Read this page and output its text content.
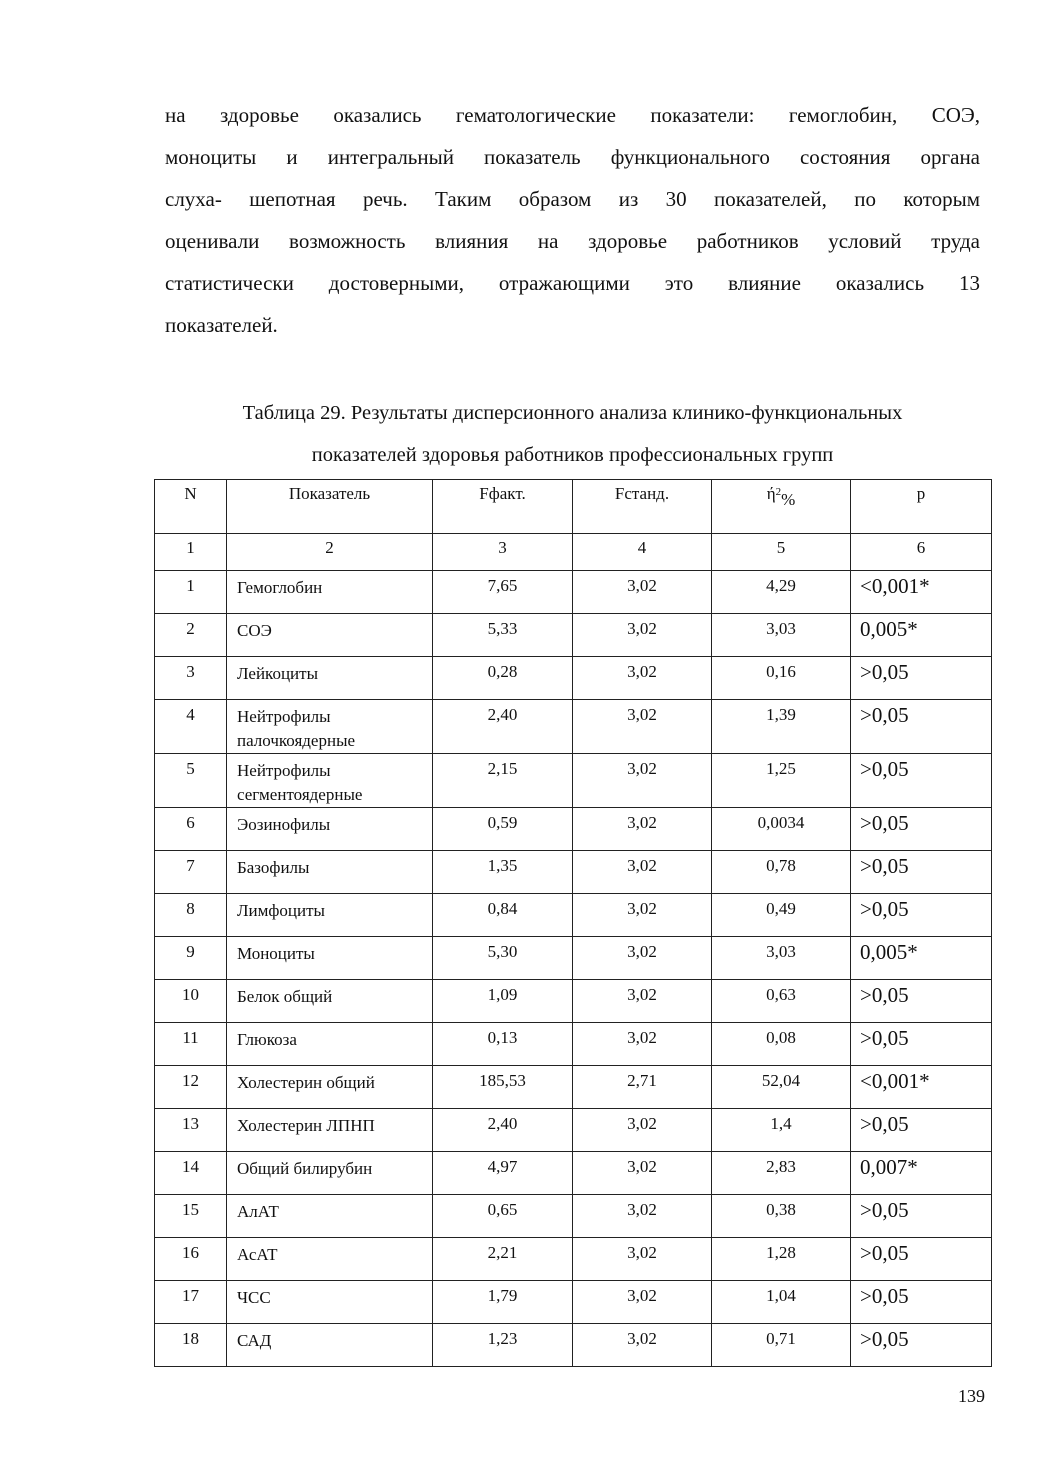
на здоровье оказались гематологические показатели: гемоглобин, СОЭ,
моноциты и интегральный показатель функционального состояния органа
слуха- шепотная речь. Таким образом из 30 показателей, по которым
оценивали возможность влияния на здоровье работников условий труда
статистически достоверными, отражающими это влияние оказались 13
показателей.
Таблица 29. Результаты дисперсионного анализа клинико-функциональных
показателей здоровья работников профессиональных групп
N	Показатель	Fфакт.	Fстанд.	$ή^2\%$	p
1	2	3	4	5	6
1	Гемоглобин	7,65	3,02	4,29	<0,001*
2	СОЭ	5,33	3,02	3,03	0,005*
3	Лейкоциты	0,28	3,02	0,16	>0,05
4	Нейтрофилы палочкоядерные	2,40	3,02	1,39	>0,05
5	Нейтрофилы сегментоядерные	2,15	3,02	1,25	>0,05
6	Эозинофилы	0,59	3,02	0,0034	>0,05
7	Базофилы	1,35	3,02	0,78	>0,05
8	Лимфоциты	0,84	3,02	0,49	>0,05
9	Моноциты	5,30	3,02	3,03	0,005*
10	Белок общий	1,09	3,02	0,63	>0,05
11	Глюкоза	0,13	3,02	0,08	>0,05
12	Холестерин общий	185,53	2,71	52,04	<0,001*
13	Холестерин ЛПНП	2,40	3,02	1,4	>0,05
14	Общий билирубин	4,97	3,02	2,83	0,007*
15	АлАТ	0,65	3,02	0,38	>0,05
16	АсАТ	2,21	3,02	1,28	>0,05
17	ЧСС	1,79	3,02	1,04	>0,05
18	САД	1,23	3,02	0,71	>0,05
139
